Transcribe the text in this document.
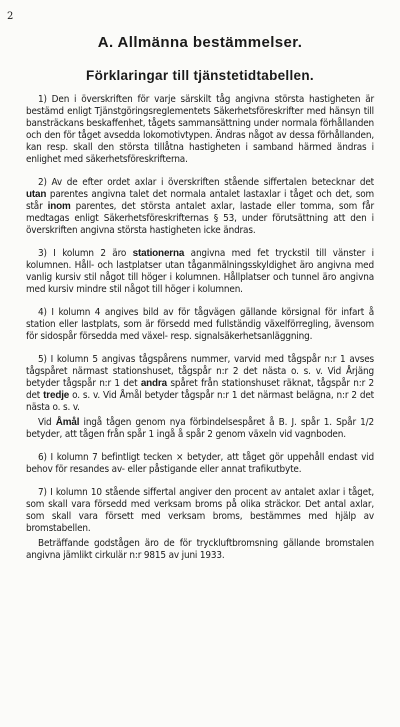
2
A. Allmänna bestämmelser.
Förklaringar till tjänstetidtabellen.

1) Den i överskriften för varje särskilt tåg angivna största hastigheten är bestämd enligt Tjänstgöringsreglementets Säkerhetsföreskrifter med hänsyn till bansträckans beskaffenhet, tågets sammansättning under normala förhållanden och den för tåget avsedda lokomotivtypen. Ändras något av dessa förhållanden, kan resp. skall den största tillåtna hastigheten i samband härmed ändras i enlighet med säkerhetsföreskrifterna.

2) Av de efter ordet axlar i överskriften stående siffertalen betecknar det utan parentes angivna talet det normala antalet lastaxlar i tåget och det, som står inom parentes, det största antalet axlar, lastade eller tomma, som får medtagas enligt Säkerhetsföreskrifternas § 53, under förutsättning att den i överskriften angivna största hastigheten icke ändras.

3) I kolumn 2 äro stationerna angivna med fet tryckstil till vänster i kolumnen. Håll- och lastplatser utan tåganmälningsskyldighet äro angivna med vanlig kursiv stil något till höger i kolumnen. Hållplatser och tunnel äro angivna med kursiv mindre stil något till höger i kolumnen.

4) I kolumn 4 angives bild av för tågvägen gällande körsignal för infart å station eller lastplats, som är försedd med fullständig växelförregling, ävensom för sidospår försedda med växel- resp. signalsäkerhetsanläggning.

5) I kolumn 5 angivas tågspårens nummer, varvid med tågspår n:r 1 avses tågspåret närmast stationshuset, tågspår n:r 2 det nästa o. s. v. Vid Årjäng betyder tågspår n:r 1 det andra spåret från stationshuset räknat, tågspår n:r 2 det tredje o. s. v. Vid Åmål betyder tågspår n:r 1 det närmast belägna, n:r 2 det nästa o. s. v.

Vid Åmål ingå tågen genom nya förbindelsespåret å B. J. spår 1. Spår 1/2 betyder, att tågen från spår 1 ingå å spår 2 genom växeln vid vagnboden.

6) I kolumn 7 befintligt tecken × betyder, att tåget gör uppehåll endast vid behov för resandes av- eller påstigande eller annat trafikutbyte.

7) I kolumn 10 stående siffertal angiver den procent av antalet axlar i tåget, som skall vara försedd med verksam broms på olika sträckor. Det antal axlar, som skall vara försett med verksam broms, bestämmes med hjälp av bromstabellen.

Beträffande godstågen äro de för tryckluftbromsning gällande bromstalen angivna jämlikt cirkulär n:r 9815 av juni 1933.
